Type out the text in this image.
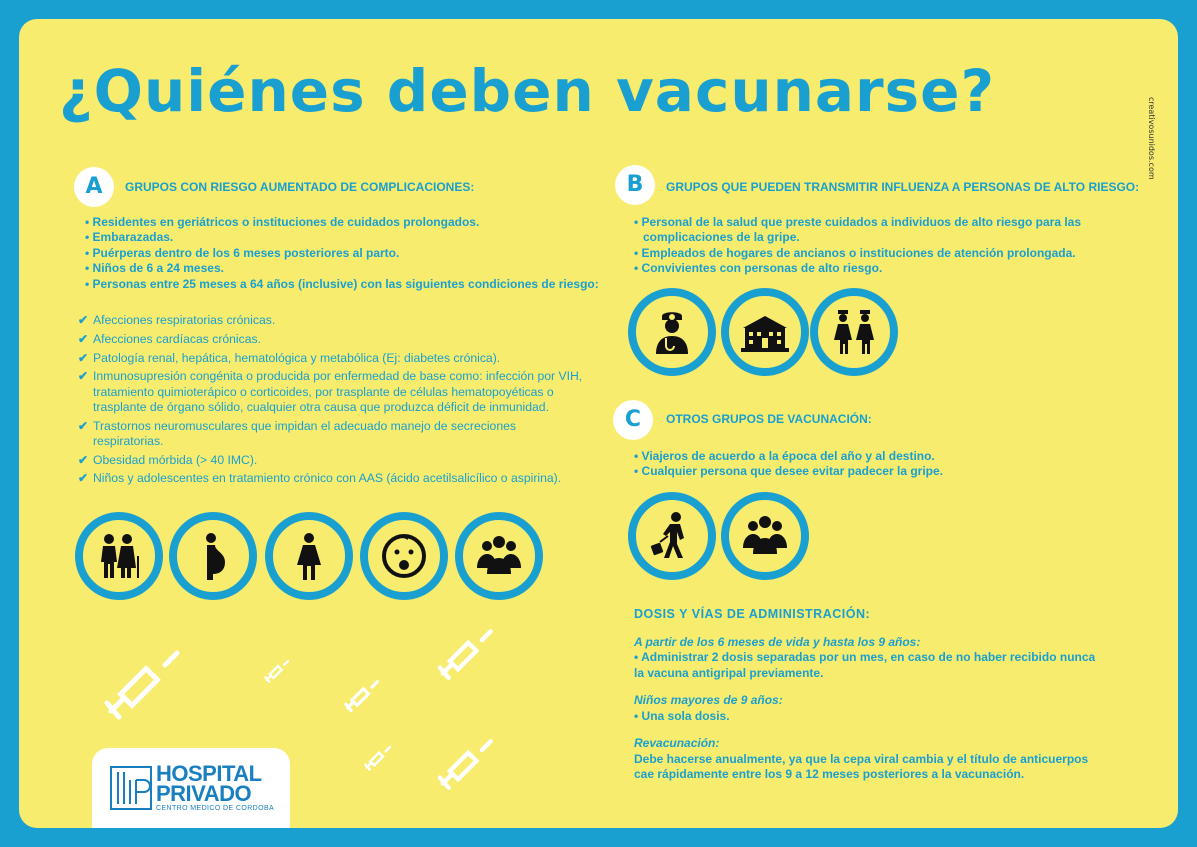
¿Quiénes deben vacunarse?
creativosunidos.com
A	GRUPOS CON RIESGO AUMENTADO DE COMPLICACIONES:
• Residentes en geriátricos o instituciones de cuidados prolongados.
• Embarazadas.
• Puérperas dentro de los 6 meses posteriores al parto.
• Niños de 6 a 24 meses.
• Personas entre 25 meses a 64 años (inclusive) con las siguientes condiciones de riesgo:
✔ Afecciones respiratorias crónicas.
✔ Afecciones cardíacas crónicas.
✔ Patología renal, hepática, hematológica y metabólica (Ej: diabetes crónica).
✔ Inmunosupresión congénita o producida por enfermedad de base como: infección por VIH, tratamiento quimioterápico o corticoides, por trasplante de células hematopoyéticas o trasplante de órgano sólido, cualquier otra causa que produzca déficit de inmunidad.
✔ Trastornos neuromusculares que impidan el adecuado manejo de secreciones respiratorias.
✔ Obesidad mórbida (> 40 IMC).
✔ Niños y adolescentes en tratamiento crónico con AAS (ácido acetilsalicílico o aspirina).
B	GRUPOS QUE PUEDEN TRANSMITIR INFLUENZA A PERSONAS DE ALTO RIESGO:
• Personal de la salud que preste cuidados a individuos de alto riesgo para las complicaciones de la gripe.
• Empleados de hogares de ancianos o instituciones de atención prolongada.
• Convivientes con personas de alto riesgo.
C	OTROS GRUPOS DE VACUNACIÓN:
• Viajeros de acuerdo a la época del año y al destino.
• Cualquier persona que desee evitar padecer la gripe.
DOSIS Y VÍAS DE ADMINISTRACIÓN:
A partir de los 6 meses de vida y hasta los 9 años:
• Administrar 2 dosis separadas por un mes, en caso de no haber recibido nunca la vacuna antigripal previamente.
Niños mayores de 9 años:
• Una sola dosis.
Revacunación:
Debe hacerse anualmente, ya que la cepa viral cambia y el título de anticuerpos cae rápidamente entre los 9 a 12 meses posteriores a la vacunación.
HOSPITAL
PRIVADO
CENTRO MEDICO DE CORDOBA
